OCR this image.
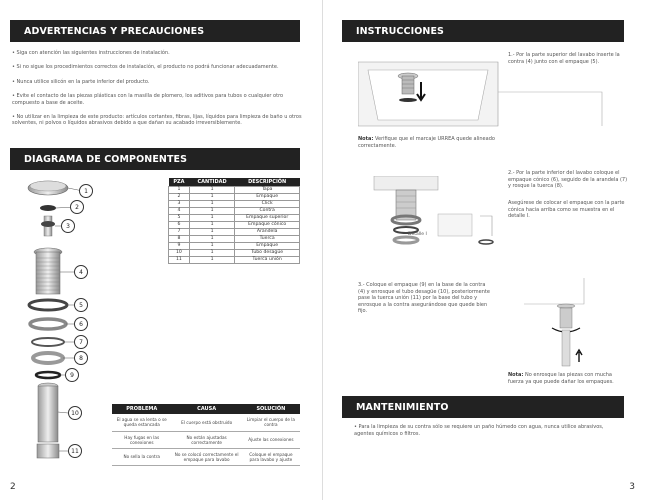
ADVERTENCIAS Y PRECAUCIONES

• Siga con atención las siguientes instrucciones de instalación.

• Si no sigue los procedimientos correctos de instalación, el producto no podrá funcionar adecuadamente.

• Nunca utilice silicón en la parte inferior del producto.

• Evite el contacto de las piezas plásticas con la masilla de plomero, los aditivos para tubos o cualquier otro compuesto a base de aceite.

• No utilizar en la limpieza de este producto: artículos cortantes, fibras, lijas, líquidos para limpieza de baño u otros solventes, ni polvos o líquidos abrasivos debido a que dañan su acabado irreversiblemente.

DIAGRAMA DE COMPONENTES
1
2
3
4
5
6
7
8
9
10
11
PZA	CANTIDAD	DESCRIPCIÓN
1	1	Tapa
2	1	Empaque
3	1	Click
4	1	Contra
5	1	Empaque superior
6	1	Empaque cónico
7	1	Arandela
8	1	Tuerca
9	1	Empaque
10	1	Tubo desagüe
11	1	Tuerca unión
PROBLEMA	CAUSA	SOLUCIÓN
El agua se va lenta o se queda estancada	El cuerpo está obstruido	Limpiar el cuerpo de la contra
Hay fugas en las conexiones	No están ajustadas correctamente	Ajuste las conexiones
No sella la contra	No se colocó correctamente el empaque para lavabo	Coloque el empaque para lavabo y ajuste
2
INSTRUCCIONES
1.- Por la parte superior del lavabo inserte la contra (4) junto con el empaque (5).
Nota: Verifique que el marcaje URREA quede alineado correctamente.
Detalle I
2.- Por la parte inferior del lavabo coloque el empaque cónico (6), seguido de la arandela (7) y rosque la tuerca (8).
Asegúrese de colocar el empaque con la parte cónica hacia arriba como se muestra en el detalle I.
3.- Coloque el empaque (9) en la base de la contra (4) y enrosque el tubo desagüe (10), posteriormente pase la tuerca unión (11) por la base del tubo y enrosque a la contra asegurándose que quede bien fijo.
Nota: No enrosque las piezas con mucha fuerza ya que puede dañar los empaques.
MANTENIMIENTO
• Para la limpieza de su contra sólo se requiere un paño húmedo con agua, nunca utilice abrasivos, agentes químicos o filtros.
3
